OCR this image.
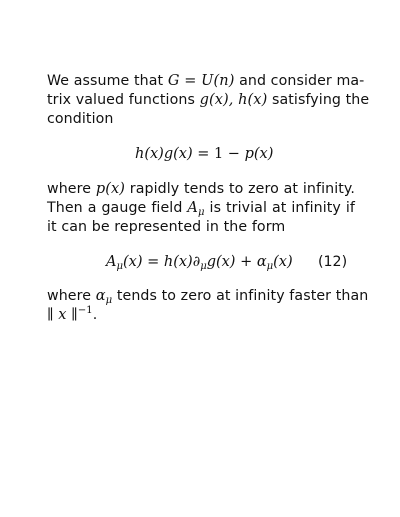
We assume that G = U(n) and consider ma-
trix valued functions g(x), h(x) satisfying the
condition
h(x)g(x) = 1 − p(x)
where p(x) rapidly tends to zero at infinity.
Then a gauge field $A_\mu$ is trivial at infinity if
it can be represented in the form
$A_\mu(x) = h(x)\partial_\mu g(x) + \alpha_\mu(x)$ (12)
where $\alpha_\mu$ tends to zero at infinity faster than
∥ x ∥$^{-1}$.
